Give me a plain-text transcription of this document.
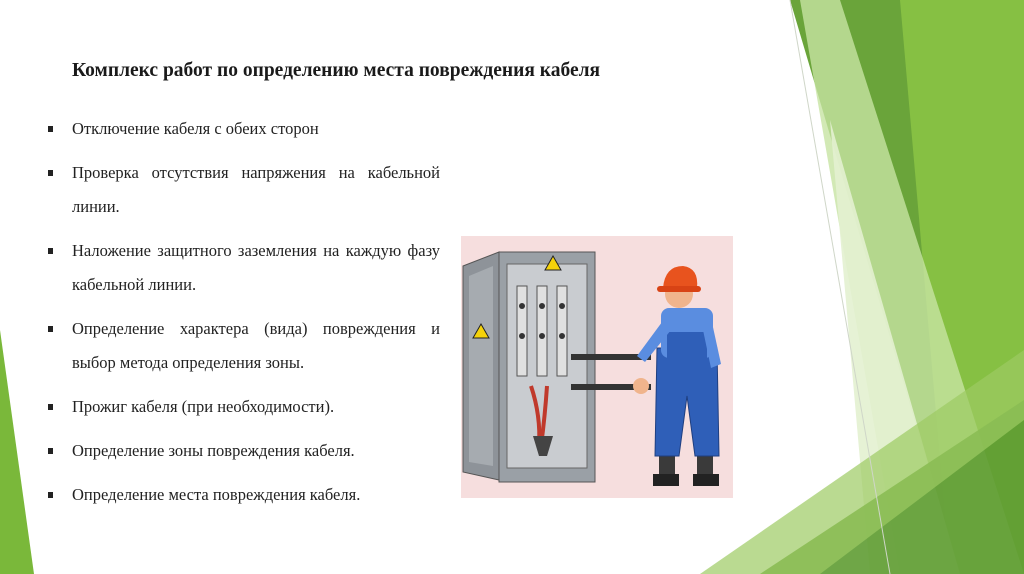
Комплекс работ по определению места повреждения кабеля
Отключение кабеля с обеих сторон
Проверка отсутствия напряжения на кабельной линии.
Наложение защитного заземления на каждую фазу кабельной линии.
Определение характера (вида) повреждения и выбор метода определения зоны.
Прожиг кабеля (при необходимости).
Определение зоны повреждения кабеля.
Определение места повреждения кабеля.
